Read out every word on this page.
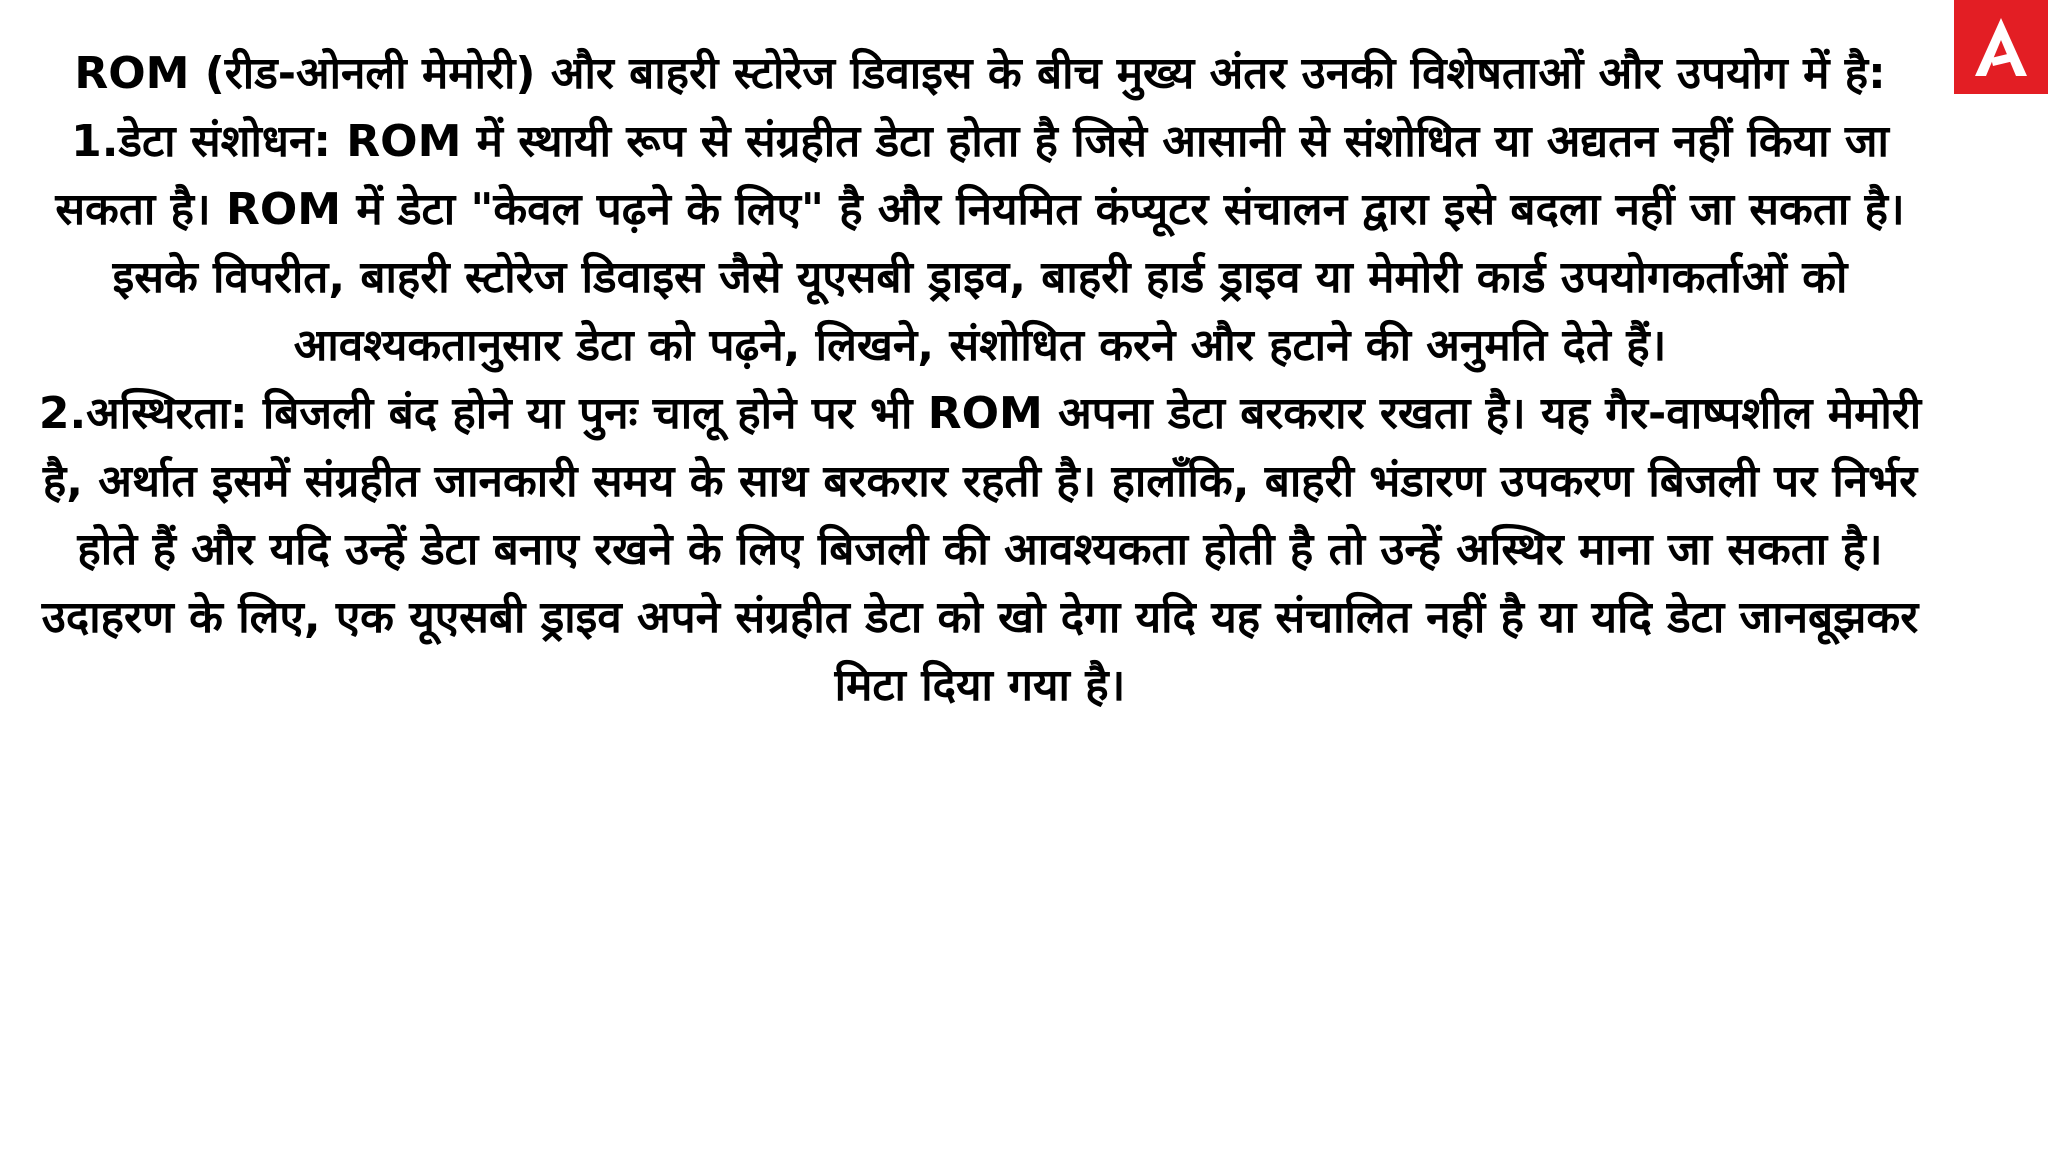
ROM (रीड-ओनली मेमोरी) और बाहरी स्टोरेज डिवाइस के बीच मुख्य अंतर उनकी विशेषताओं और उपयोग में है:

1.डेटा संशोधन: ROM में स्थायी रूप से संग्रहीत डेटा होता है जिसे आसानी से संशोधित या अद्यतन नहीं किया जा सकता है। ROM में डेटा "केवल पढ़ने के लिए" है और नियमित कंप्यूटर संचालन द्वारा इसे बदला नहीं जा सकता है। इसके विपरीत, बाहरी स्टोरेज डिवाइस जैसे यूएसबी ड्राइव, बाहरी हार्ड ड्राइव या मेमोरी कार्ड उपयोगकर्ताओं को आवश्यकतानुसार डेटा को पढ़ने, लिखने, संशोधित करने और हटाने की अनुमति देते हैं।

2.अस्थिरता: बिजली बंद होने या पुनः चालू होने पर भी ROM अपना डेटा बरकरार रखता है। यह गैर-वाष्पशील मेमोरी है, अर्थात इसमें संग्रहीत जानकारी समय के साथ बरकरार रहती है। हालाँकि, बाहरी भंडारण उपकरण बिजली पर निर्भर होते हैं और यदि उन्हें डेटा बनाए रखने के लिए बिजली की आवश्यकता होती है तो उन्हें अस्थिर माना जा सकता है। उदाहरण के लिए, एक यूएसबी ड्राइव अपने संग्रहीत डेटा को खो देगा यदि यह संचालित नहीं है या यदि डेटा जानबूझकर मिटा दिया गया है।
